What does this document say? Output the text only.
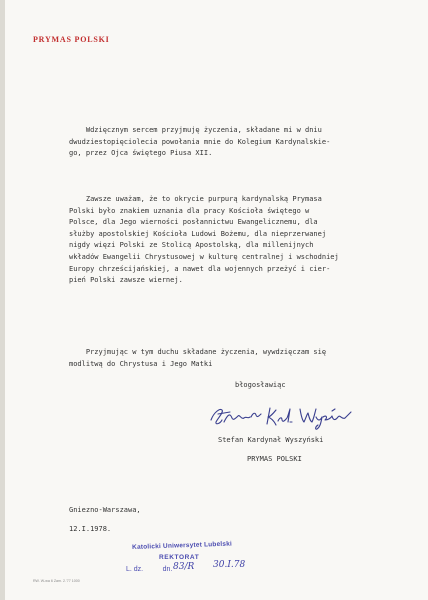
PRYMAS POLSKI
Wdzięcznym sercem przyjmuję życzenia, składane mi w dniu
dwudziestopięciolecia powołania mnie do Kolegium Kardynalskie-
go, przez Ojca świętego Piusa XII.
Zawsze uważam, że to okrycie purpurą kardynalską Prymasa
Polski było znakiem uznania dla pracy Kościoła świętego w
Polsce, dla Jego wierności posłannictwu Ewangelicznemu, dla
służby apostolskiej Kościoła Ludowi Bożemu, dla nieprzerwanej
nigdy więzi Polski ze Stolicą Apostolską, dla millenijnych
wkładów Ewangelii Chrystusowej w kulturę centralnej i wschodniej
Europy chrześcijańskiej, a nawet dla wojennych przeżyć i cier-
pień Polski zawsze wiernej.
Przyjmując w tym duchu składane życzenia, wywdzięczam się
modlitwą do Chrystusa i Jego Matki
błogosławiąc
Stefan Kardynał Wyszyński
PRYMAS POLSKI
Gniezno-Warszawa,
12.I.1978.
Katolicki Uniwersytet Lubelski
REKTORAT
L. dz.          dn. 83/R 30.I.78
RW. W-wa 6 Zam. 2.'77 1000
